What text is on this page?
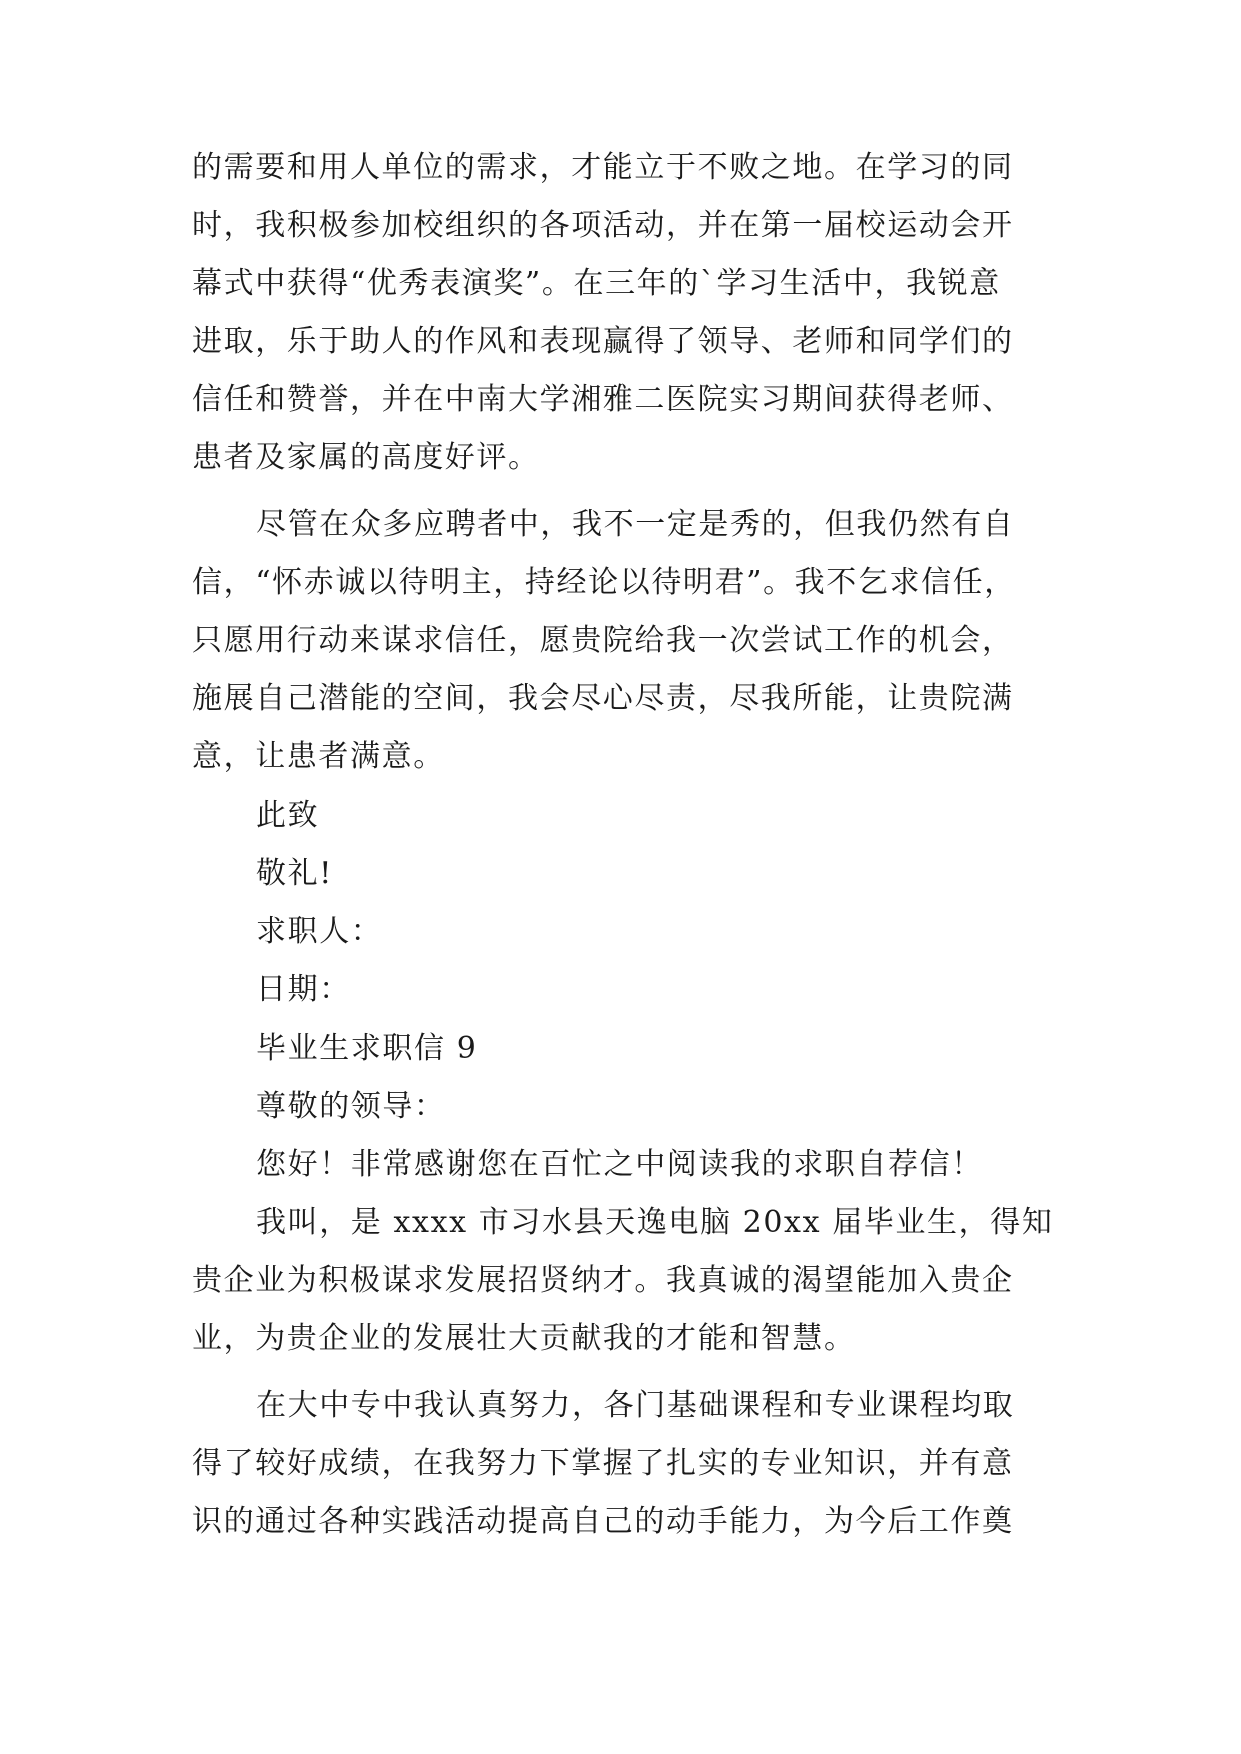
的需要和用人单位的需求，才能立于不败之地。在学习的同
时，我积极参加校组织的各项活动，并在第一届校运动会开
幕式中获得“优秀表演奖”。在三年的`学习生活中，我锐意
进取，乐于助人的作风和表现赢得了领导、老师和同学们的
信任和赞誉，并在中南大学湘雅二医院实习期间获得老师、
患者及家属的高度好评。
尽管在众多应聘者中，我不一定是秀的，但我仍然有自
信，“怀赤诚以待明主，持经论以待明君”。我不乞求信任，
只愿用行动来谋求信任，愿贵院给我一次尝试工作的机会，
施展自己潜能的空间，我会尽心尽责，尽我所能，让贵院满
意，让患者满意。
此致
敬礼!
求职人：
日期：
毕业生求职信 9
尊敬的领导：
您好！非常感谢您在百忙之中阅读我的求职自荐信！
我叫，是 xxxx 市习水县天逸电脑 20xx 届毕业生，得知
贵企业为积极谋求发展招贤纳才。我真诚的渴望能加入贵企
业，为贵企业的发展壮大贡献我的才能和智慧。
在大中专中我认真努力，各门基础课程和专业课程均取
得了较好成绩，在我努力下掌握了扎实的专业知识，并有意
识的通过各种实践活动提高自己的动手能力，为今后工作奠
